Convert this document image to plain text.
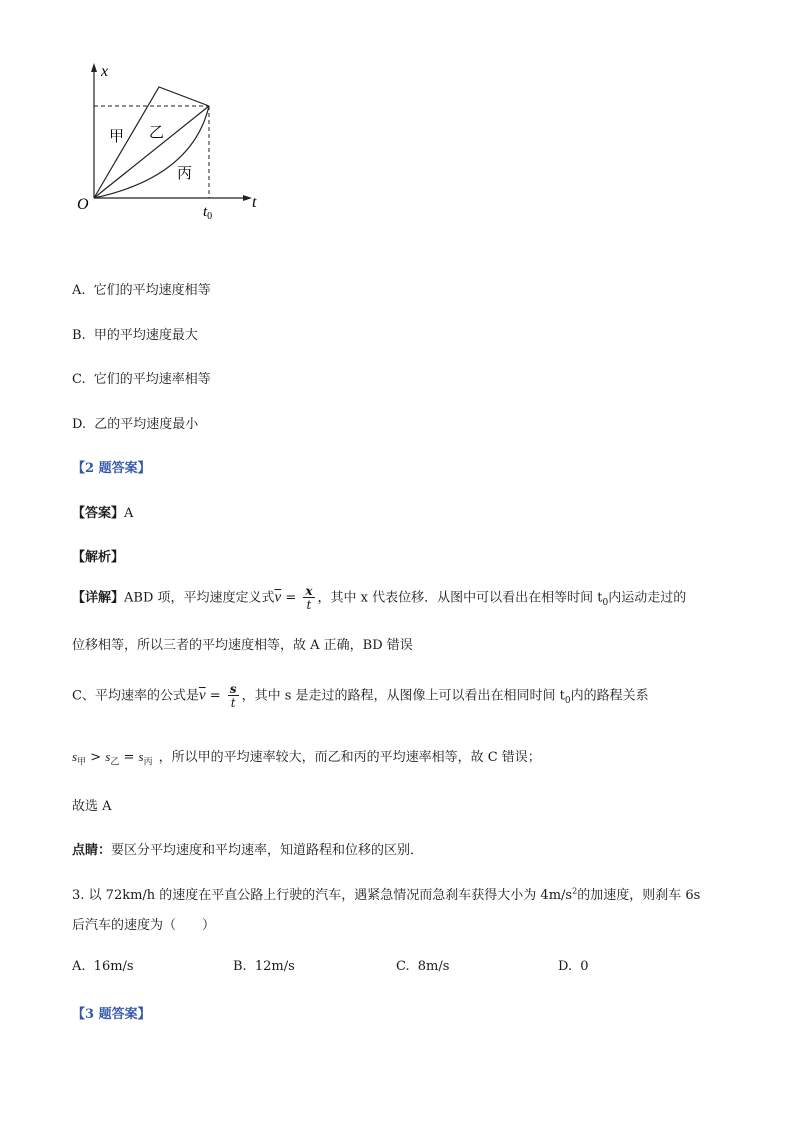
x
t
O	$t_0$
甲 乙
丙
A. 它们的平均速度相等
B. 甲的平均速度最大
C. 它们的平均速率相等
D. 乙的平均速度最小
【2 题答案】
【答案】A
【解析】
【详解】ABD 项，平均速度定义式$\overline{v} = \frac{x}{t}$ ，其中 x 代表位移．从图中可以看出在相等时间 $t_0$内运动走过的
位移相等，所以三者的平均速度相等，故 A 正确，BD 错误
C、平均速率的公式是$\overline{v} = \frac{s}{t}$ ，其中 s 是走过的路程，从图像上可以看出在相同时间 $t_0$内的路程关系
$s_甲 > s_乙 = s_丙$ ，所以甲的平均速率较大，而乙和丙的平均速率相等，故 C 错误；
故选 A
点睛：要区分平均速度和平均速率，知道路程和位移的区别．
3. 以 72km/h 的速度在平直公路上行驶的汽车，遇紧急情况而急刹车获得大小为 $4m/s^2$的加速度，则刹车 6s
后汽车的速度为（　　）
A. 16m/s	B. 12m/s	C. 8m/s	D. 0
【3 题答案】
